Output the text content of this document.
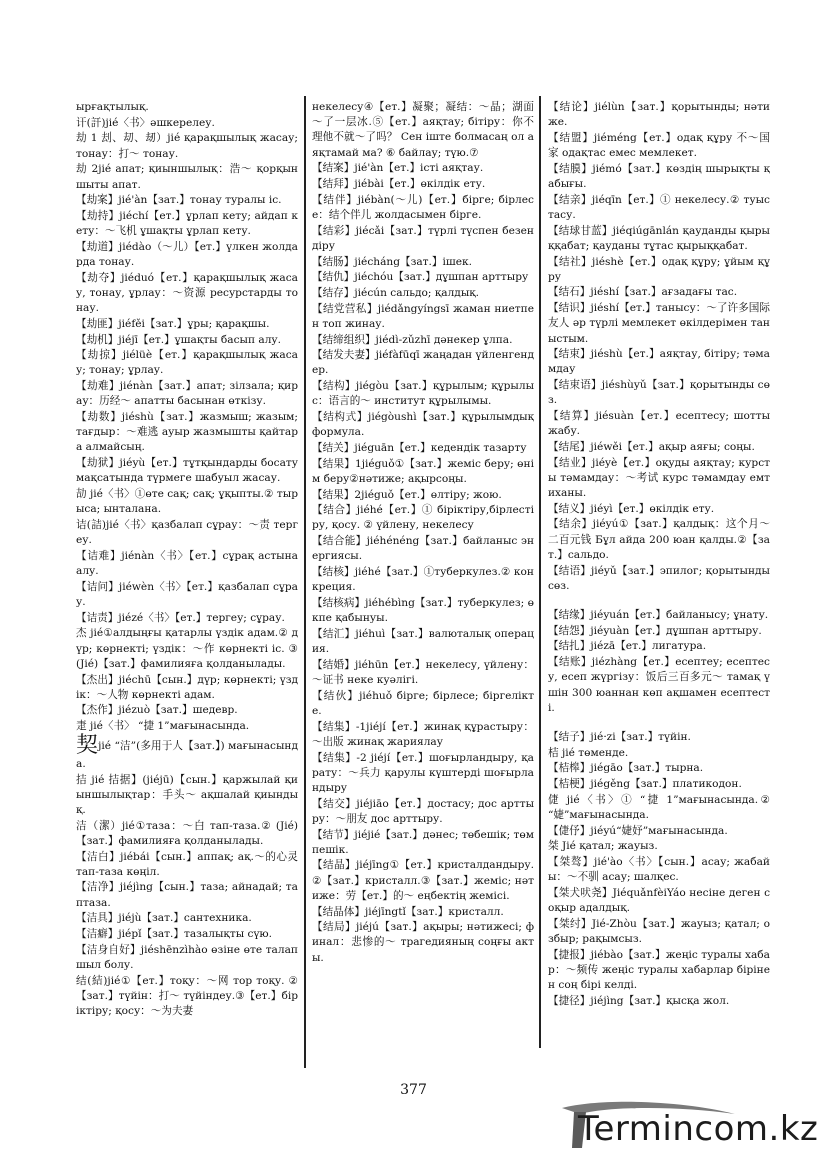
ырғақтылық.
讦(訐)jié〈书〉әшкерелеу.
劫 1 刦、刧、刼）jié қарақшылық жасау; тонау：打～ тонау.
劫 2jié апат; қиыншылық：浩～ қорқыншыты апат.
【劫案】jié'àn【зат.】тонау туралы іс.
【劫持】jiéchí【ет.】ұрлап кету; айдап кету：～飞机 ұшақты ұрлап кету.
【劫道】jiédào（～儿）【ет.】үлкен жолдарда тонау.
【劫夺】jiéduó【ет.】қарақшылық жасау, тонау, ұрлау：～资源 ресурстарды тонау.
【劫匪】jiéfěi【зат.】ұры; қарақшы.
【劫机】jiéjī【ет.】ұшақты басып алу.
【劫掠】jiélüè【ет.】қарақшылық жасау; тонау; ұрлау.
【劫难】jiénàn【зат.】апат; зілзала; қирау：历经～ апатты басынан өткізу.
【劫数】jiéshù【зат.】жазмыш; жазым; тағдыр：～难逃 ауыр жазмышты қайтара алмайсың.
【劫狱】jiéyù【ет.】тұтқындарды босату мақсатында түрмеге шабуыл жасау.
劼 jié〈书〉①өте сақ; сақ; ұқыпты.② тырыса; ынталана.
诘(詰)jié〈书〉қазбалап сұрау：～责 тергеу.
【诘难】jiénàn〈书〉【ет.】сұрақ астына алу.
【诘问】jiéwèn〈书〉【ет.】қазбалап сұрау.
【诘责】jiézé〈书〉【ет.】тергеу; сұрау.
杰 jié①алдыңғы қатарлы үздік адам.② дүр; көрнекті; үздік：～作 көрнекті іс. ③(Jié)【зат.】фамилияға қолданылады.
【杰出】jiéchū【сын.】дүр; көрнекті; үздік：～人物 көрнекті адам.
【杰作】jiézuò【зат.】шедевр.
疌 jié〈书〉 “捷 1”мағынасында.
契jié “洁”(多用于人【зат.】) мағынасында.
拮 jié 拮据】(jiéjū)【сын.】қаржылай қиыншылықтар：手头～ ақшалай қиындық.
洁（潔）jié①таза：～白 тап-таза.② (Jié)【зат.】фамилияға қолданылады.
【洁白】jiébái【сын.】аппақ; ақ.～的心灵 тап-таза көңіл.
【洁净】jiéjìng【сын.】таза; айнадай; таптаза.
【洁具】jiéjù【зат.】сантехника.
【洁癖】jiépǐ【зат.】тазалықты сүю.
【洁身自好】jiéshēnzìhào өзіне өте талапшыл болу.
结(結)jié①【ет.】тоқу：～网 тор тоқу. ②【зат.】түйін：打～ түйіндеу.③【ет.】біріктіру; қосу：～为夫妻
некелесу④【ет.】凝聚；凝结：～晶；湖面～了一层冰.⑤【ет.】аяқтау; бітіру：你不理他不就～了吗？ Сен іште болмасаң ол аяқтамай ма? ⑥ байлау; түю.⑦
【结案】jié'àn【ет.】істі аяқтау.
【结拜】jiébài【ет.】өкілдік ету.
【结伴】jiébàn(～儿)【ет.】бірге; бірлесе：结个伴儿 жолдасымен бірге.
【结彩】jiécǎi【зат.】түрлі түспен безендіру
【结肠】jiécháng【зат.】ішек.
【结仇】jiéchóu【зат.】дұшпан арттыру
【结存】jiécún сальдо; қалдық.
【结党营私】jiédǎngyíngsī жаман ниетпен топ жинау.
【结缔组织】jiédì-zǔzhī дәнекер ұлпа.
【结发夫妻】jiéfàfūqī жаңадан үйленгендер.
【结构】jiégòu【зат.】құрылым; құрылыс：语言的～ институт құрылымы.
【结构式】jiégòushì【зат.】құрылымдық формула.
【结关】jiéguān【ет.】кедендік тазарту
【结果】1jiéguǒ①【зат.】жеміс беру; өнім беру②нәтиже; ақырсоңы.
【结果】2jiéguǒ【ет.】өлтіру; жою.
【结合】jiéhé【ет.】① біріктіру,бірлестіру, қосу. ② үйлену, некелесу
【结合能】jiéhénéng【зат.】байланыс энергиясы.
【结核】jiéhé【зат.】①туберкулез.② конкреция.
【结核病】jiéhébìng【зат.】туберкулез; өкпе қабынуы.
【结汇】jiéhuì【зат.】валюталық операция.
【结婚】jiéhūn【ет.】некелесу, үйлену：～证书 неке куәлігі.
【结伙】jiéhuǒ бірге; бірлесе; біргелікте.
【结集】-1jiéjí【ет.】жинақ құрастыру：～出版 жинақ жариялау
【结集】-2 jiéjí【ет.】шоғырландыру, қарату：～兵力 қарулы күштерді шоғырландыру
【结交】jiéjiāo【ет.】достасу; дос арттыру：～朋友 дос арттыру.
【结节】jiéjié【зат.】дәнес; төбешік; төмпешік.
【结晶】jiéjīng①【ет.】кристалдандыру.②【зат.】кристалл.③【зат.】жеміс; нәтиже：劳【ет.】的～ еңбектің жемісі.
【结晶体】jiéjīngtǐ【зат.】кристалл.
【结局】jiéjú【зат.】ақыры; нәтижесі; финал：悲惨的～ трагедияның соңғы акты.
【结论】jiélùn【зат.】қорытынды; нәтиже.
【结盟】jiéméng【ет.】одақ құру 不～国家 одақтас емес мемлекет.
【结膜】jiémó【зат.】көздің шырықты қабығы.
【结亲】jiéqīn【ет.】① некелесу.② туыстасу.
【结球甘蓝】jiéqiúgānlán қауданды қырыққабат; қауданы тұтас қырыққабат.
【结社】jiéshè【ет.】одақ құру; ұйым құру
【结石】jiéshí【зат.】ағзадағы тас.
【结识】jiéshí【ет.】танысу：～了许多国际友人 әр түрлі мемлекет өкілдерімен таныстым.
【结束】jiéshù【ет.】аяқтау, бітіру; тәмамдау
【结束语】jiéshùyǔ【зат.】қорытынды сөз.
【结算】jiésuàn【ет.】есептесу; шотты жабу.
【结尾】jiéwěi【ет.】ақыр аяғы; соңы.
【结业】jiéyè【ет.】оқуды аяқтау; курсты тәмамдау：～考试 курс тәмамдау емтиханы.
【结义】jiéyì【ет.】өкілдік ету.
【结余】jiéyú①【зат.】қалдық：这个月～二百元钱 Бұл айда 200 юан қалды.②【зат.】сальдо.
【结语】jiéyǔ【зат.】эпилог; қорытынды сөз.
【结缘】jiéyuán【ет.】байланысу; ұнату.
【结怨】jiéyuàn【ет.】дұшпан арттыру.
【结扎】jiézā【ет.】лигатура.
【结账】jiézhàng【ет.】есептеу; есептесу, есеп жүргізу：饭后三百多元～ тамақ үшін 300 юаннан көп ақшамен есептесті.
【结子】jié·zi【зат.】түйін.
桔 jié төменде.
【桔槔】jiégāo【зат.】тырна.
【桔梗】jiégěng【зат.】платикодон.
倢 jié〈书〉① “捷 1”мағынасында.② “婕”мағынасында.
【倢伃】jiéyú“婕妤”мағынасында.
桀 Jié қатал; жауыз.
【桀骜】jié'ào〈书〉【сын.】асау; жабайы：～不驯 асау; шалқес.
【桀犬吠尧】JiéquǎnfèiYáo несіне деген соқыр адалдық.
【桀纣】Jié-Zhòu【зат.】жауыз; қатал; озбыр; рақымсыз.
【捷报】jiébào【зат.】жеңіс туралы хабар：～频传 жеңіс туралы хабарлар бірінен соң бірі келді.
【捷径】jiéjìng【зат.】қысқа жол.
377
Termincom.kz
